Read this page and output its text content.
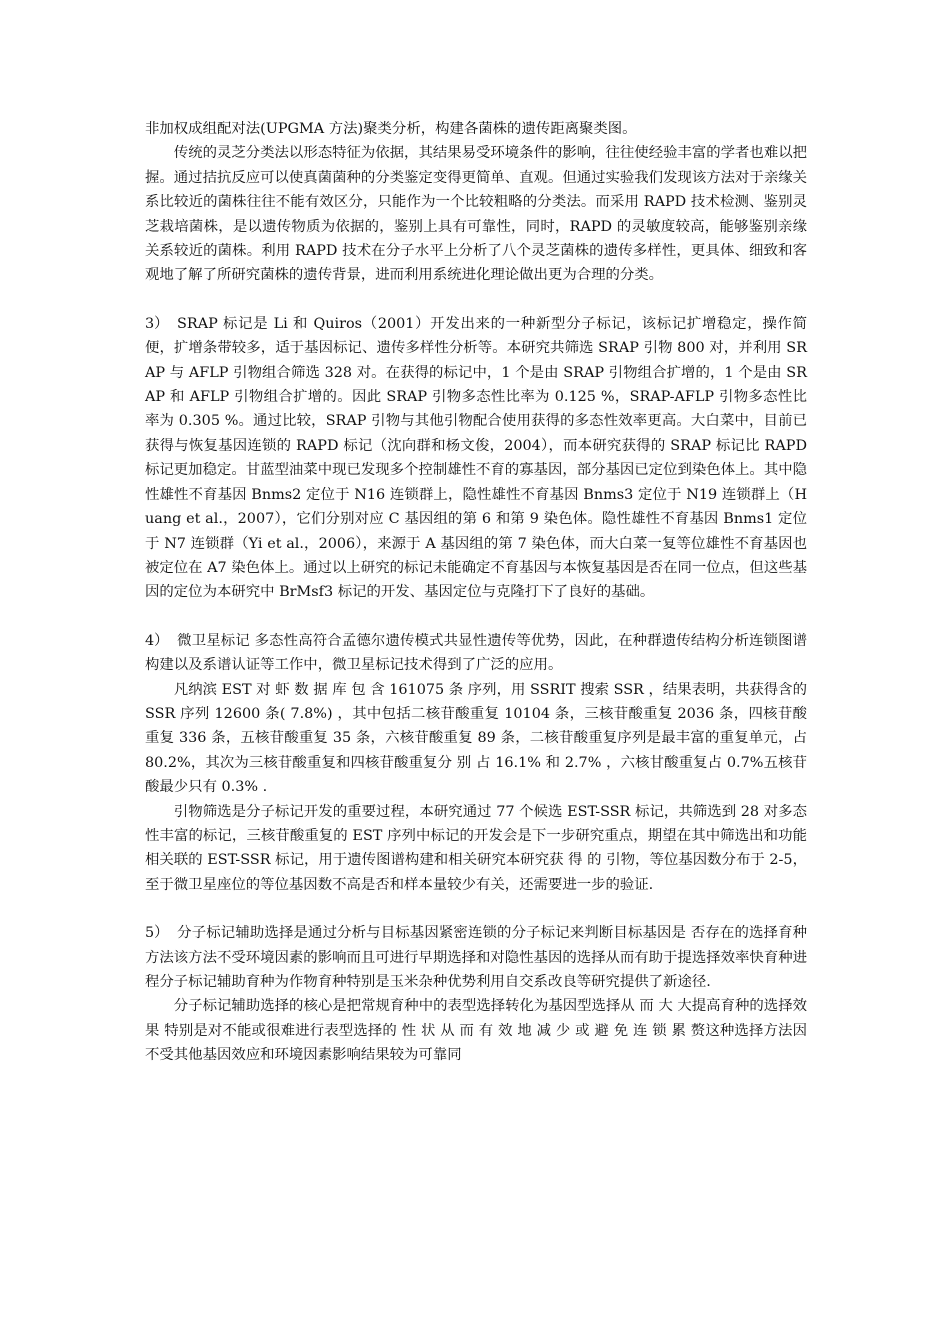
非加权成组配对法(UPGMA 方法)聚类分析，构建各菌株的遗传距离聚类图。

传统的灵芝分类法以形态特征为依据，其结果易受环境条件的影响，往往使经验丰富的学者也难以把握。通过拮抗反应可以使真菌菌种的分类鉴定变得更简单、直观。但通过实验我们发现该方法对于亲缘关系比较近的菌株往往不能有效区分，只能作为一个比较粗略的分类法。而采用 RAPD 技术检测、鉴别灵芝栽培菌株，是以遗传物质为依据的，鉴别上具有可靠性，同时，RAPD 的灵敏度较高，能够鉴别亲缘关系较近的菌株。利用 RAPD 技术在分子水平上分析了八个灵芝菌株的遗传多样性，更具体、细致和客观地了解了所研究菌株的遗传背景，进而利用系统进化理论做出更为合理的分类。

3） SRAP 标记是 Li 和 Quiros（2001）开发出来的一种新型分子标记，该标记扩增稳定，操作简便，扩增条带较多，适于基因标记、遗传多样性分析等。本研究共筛选 SRAP 引物 800 对，并利用 SRAP 与 AFLP 引物组合筛选 328 对。在获得的标记中，1 个是由 SRAP 引物组合扩增的，1 个是由 SRAP 和 AFLP 引物组合扩增的。因此 SRAP 引物多态性比率为 0.125 %，SRAP-AFLP 引物多态性比率为 0.305 %。通过比较，SRAP 引物与其他引物配合使用获得的多态性效率更高。大白菜中，目前已获得与恢复基因连锁的 RAPD 标记（沈向群和杨文俊，2004），而本研究获得的 SRAP 标记比 RAPD 标记更加稳定。甘蓝型油菜中现已发现多个控制雄性不育的寡基因，部分基因已定位到染色体上。其中隐性雄性不育基因 Bnms2 定位于 N16 连锁群上，隐性雄性不育基因 Bnms3 定位于 N19 连锁群上（Huang et al.，2007），它们分别对应 C 基因组的第 6 和第 9 染色体。隐性雄性不育基因 Bnms1 定位于 N7 连锁群（Yi et al.，2006），来源于 A 基因组的第 7 染色体，而大白菜一复等位雄性不育基因也被定位在 A7 染色体上。通过以上研究的标记未能确定不育基因与本恢复基因是否在同一位点，但这些基因的定位为本研究中 BrMsf3 标记的开发、基因定位与克隆打下了良好的基础。

4） 微卫星标记 多态性高符合孟德尔遗传模式共显性遗传等优势，因此，在种群遗传结构分析连锁图谱构建以及系谱认证等工作中，微卫星标记技术得到了广泛的应用。

凡纳滨 EST 对 虾 数 据 库 包 含 161075 条 序列，用 SSRIT 搜索 SSR ，结果表明，共获得含的 SSR 序列 12600 条( 7.8%) ，其中包括二核苷酸重复 10104 条，三核苷酸重复 2036 条，四核苷酸重复 336 条，五核苷酸重复 35 条，六核苷酸重复 89 条，二核苷酸重复序列是最丰富的重复单元，占 80.2%，其次为三核苷酸重复和四核苷酸重复分 别 占 16.1% 和 2.7% ，六核甘酸重复占 0.7%五核苷酸最少只有 0.3% .

引物筛选是分子标记开发的重要过程，本研究通过 77 个候选 EST-SSR 标记，共筛选到 28 对多态性丰富的标记，三核苷酸重复的 EST 序列中标记的开发会是下一步研究重点，期望在其中筛选出和功能相关联的 EST-SSR 标记，用于遗传图谱构建和相关研究本研究获 得 的 引物，等位基因数分布于 2-5，至于微卫星座位的等位基因数不高是否和样本量较少有关，还需要进一步的验证.

5） 分子标记辅助选择是通过分析与目标基因紧密连锁的分子标记来判断目标基因是 否存在的选择育种方法该方法不受环境因素的影响而且可进行早期选择和对隐性基因的选择从而有助于提选择效率快育种进程分子标记辅助育种为作物育种特别是玉米杂种优势利用自交系改良等研究提供了新途径.

分子标记辅助选择的核心是把常规育种中的表型选择转化为基因型选择从 而 大 大提高育种的选择效 果 特别是对不能或很难进行表型选择的 性 状 从 而 有 效 地 减 少 或 避 免 连 锁 累 赘这种选择方法因不受其他基因效应和环境因素影响结果较为可靠同
